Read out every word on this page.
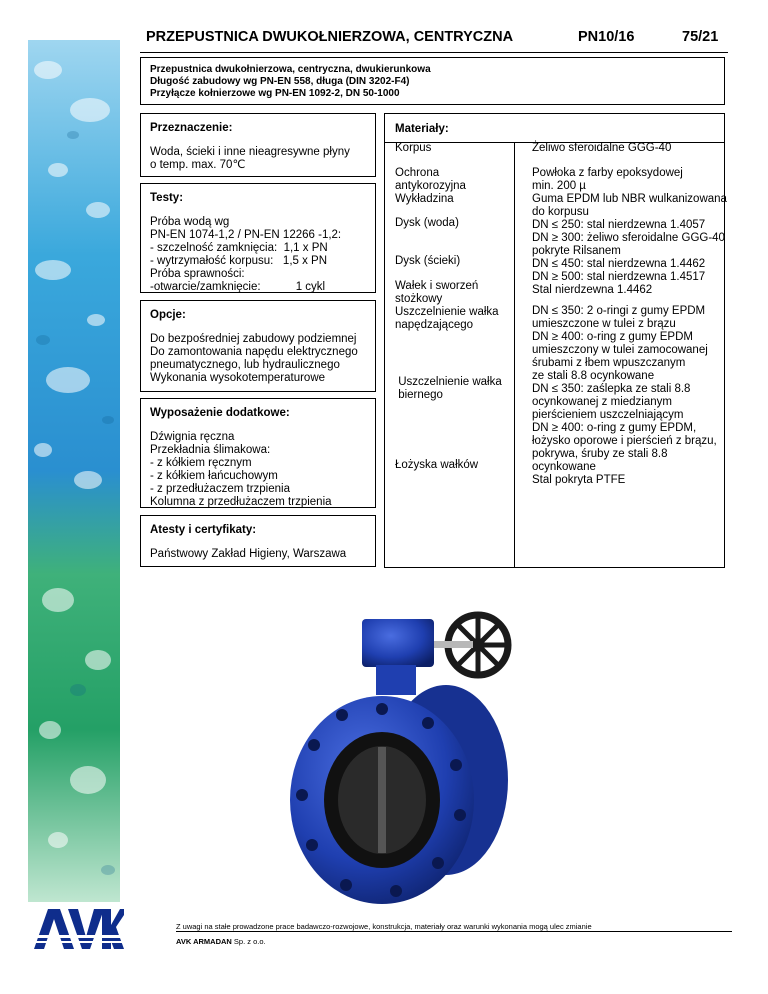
PRZEPUSTNICA DWUKOŁNIERZOWA, CENTRYCZNA	PN10/16	75/21

Przepustnica dwukołnierzowa, centryczna, dwukierunkowa

Długość zabudowy wg PN-EN 558, długa (DIN 3202-F4)

Przyłącze kołnierzowe wg PN-EN 1092-2, DN 50-1000

Przeznaczenie:

Woda, ścieki i inne nieagresywne płyny

o temp. max. 70℃

Testy:

Próba wodą wg

PN-EN 1074-1,2 / PN-EN 12266 -1,2:

- szczelność zamknięcia:  1,1 x PN

- wytrzymałość korpusu:   1,5 x PN

Próba sprawności:

-otwarcie/zamknięcie:           1 cykl

Opcje:

Do bezpośredniej zabudowy podziemnej

Do zamontowania napędu elektrycznego

pneumatycznego, lub hydraulicznego

Wykonania wysokotemperaturowe

Wyposażenie dodatkowe:

Dźwignia ręczna

Przekładnia ślimakowa:

- z kółkiem ręcznym

- z kółkiem łańcuchowym

- z przedłużaczem trzpienia

Kolumna z przedłużaczem trzpienia

Atesty i certyfikaty:

Państwowy Zakład Higieny, Warszawa

Materiały:
Korpus
Ochrona
antykorozyjna
Wykładzina
Dysk (woda)
Dysk (ścieki)
Wałek i sworzeń
stożkowy
Uszczelnienie wałka
napędzającego
Uszczelnienie wałka
biernego
Łożyska wałków
Żeliwo sferoidalne GGG-40
Powłoka z farby epoksydowej
min. 200 µ
Guma EPDM lub NBR wulkanizowana
do korpusu
DN ≤ 250: stal nierdzewna 1.4057
DN ≥ 300: żeliwo sferoidalne GGG-40
pokryte Rilsanem
DN ≤ 450: stal nierdzewna 1.4462
DN ≥ 500: stal nierdzewna 1.4517
Stal nierdzewna 1.4462
DN ≤ 350: 2 o-ringi z gumy EPDM
umieszczone w tulei z brązu
DN ≥ 400: o-ring z gumy EPDM
umieszczony w tulei zamocowanej
śrubami z łbem wpuszczanym
ze stali 8.8 ocynkowane
DN ≤ 350: zaślepka ze stali 8.8
ocynkowanej z miedzianym
pierścieniem uszczelniającym
DN ≥ 400: o-ring z gumy EPDM,
łożysko oporowe i pierścień z brązu,
pokrywa, śruby ze stali 8.8
ocynkowane
Stal pokryta PTFE
Z uwagi na stałe prowadzone prace badawczo-rozwojowe, konstrukcja, materiały oraz warunki wykonania mogą ulec zmianie
AVK ARMADAN Sp. z o.o.
